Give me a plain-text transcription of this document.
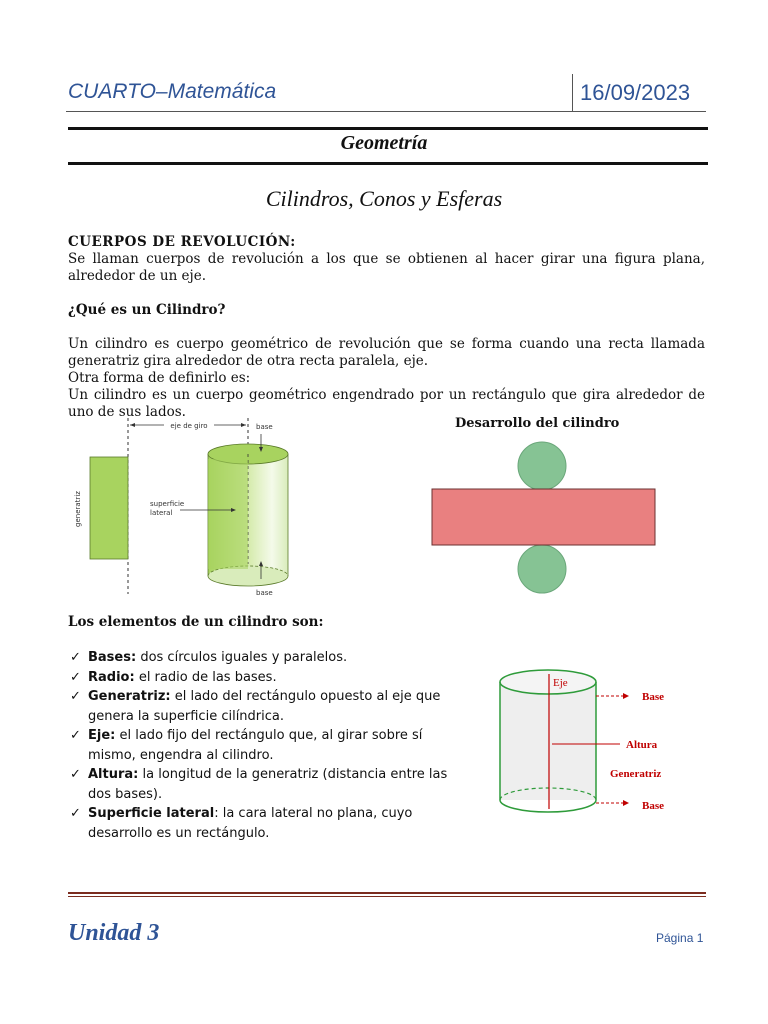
CUARTO–Matemática	16/09/2023
Geometría
Cilindros, Conos y Esferas
CUERPOS DE REVOLUCIÓN:
Se llaman cuerpos de revolución a los que se obtienen al hacer girar una figura plana, alrededor de un eje.
¿Qué es un Cilindro?
Un cilindro es cuerpo geométrico de revolución que se forma cuando una recta llamada generatriz gira alrededor de otra recta paralela, eje.
Otra forma de definirlo es:
Un cilindro es un cuerpo geométrico engendrado por un rectángulo que gira alrededor de uno de sus lados.
eje de giro
generatriz
base
superficie
lateral
base
Desarrollo del cilindro
Los elementos de un cilindro son:
✓ Bases: dos círculos iguales y paralelos.
✓ Radio: el radio de las bases.
✓ Generatriz: el lado del rectángulo opuesto al eje que genera la superficie cilíndrica.
✓ Eje: el lado fijo del rectángulo que, al girar sobre sí mismo, engendra al cilindro.
✓ Altura: la longitud de la generatriz (distancia entre las dos bases).
✓ Superficie lateral: la cara lateral no plana, cuyo desarrollo es un rectángulo.
Eje
Base
Altura
Generatriz
Base
Unidad 3	Página 1
